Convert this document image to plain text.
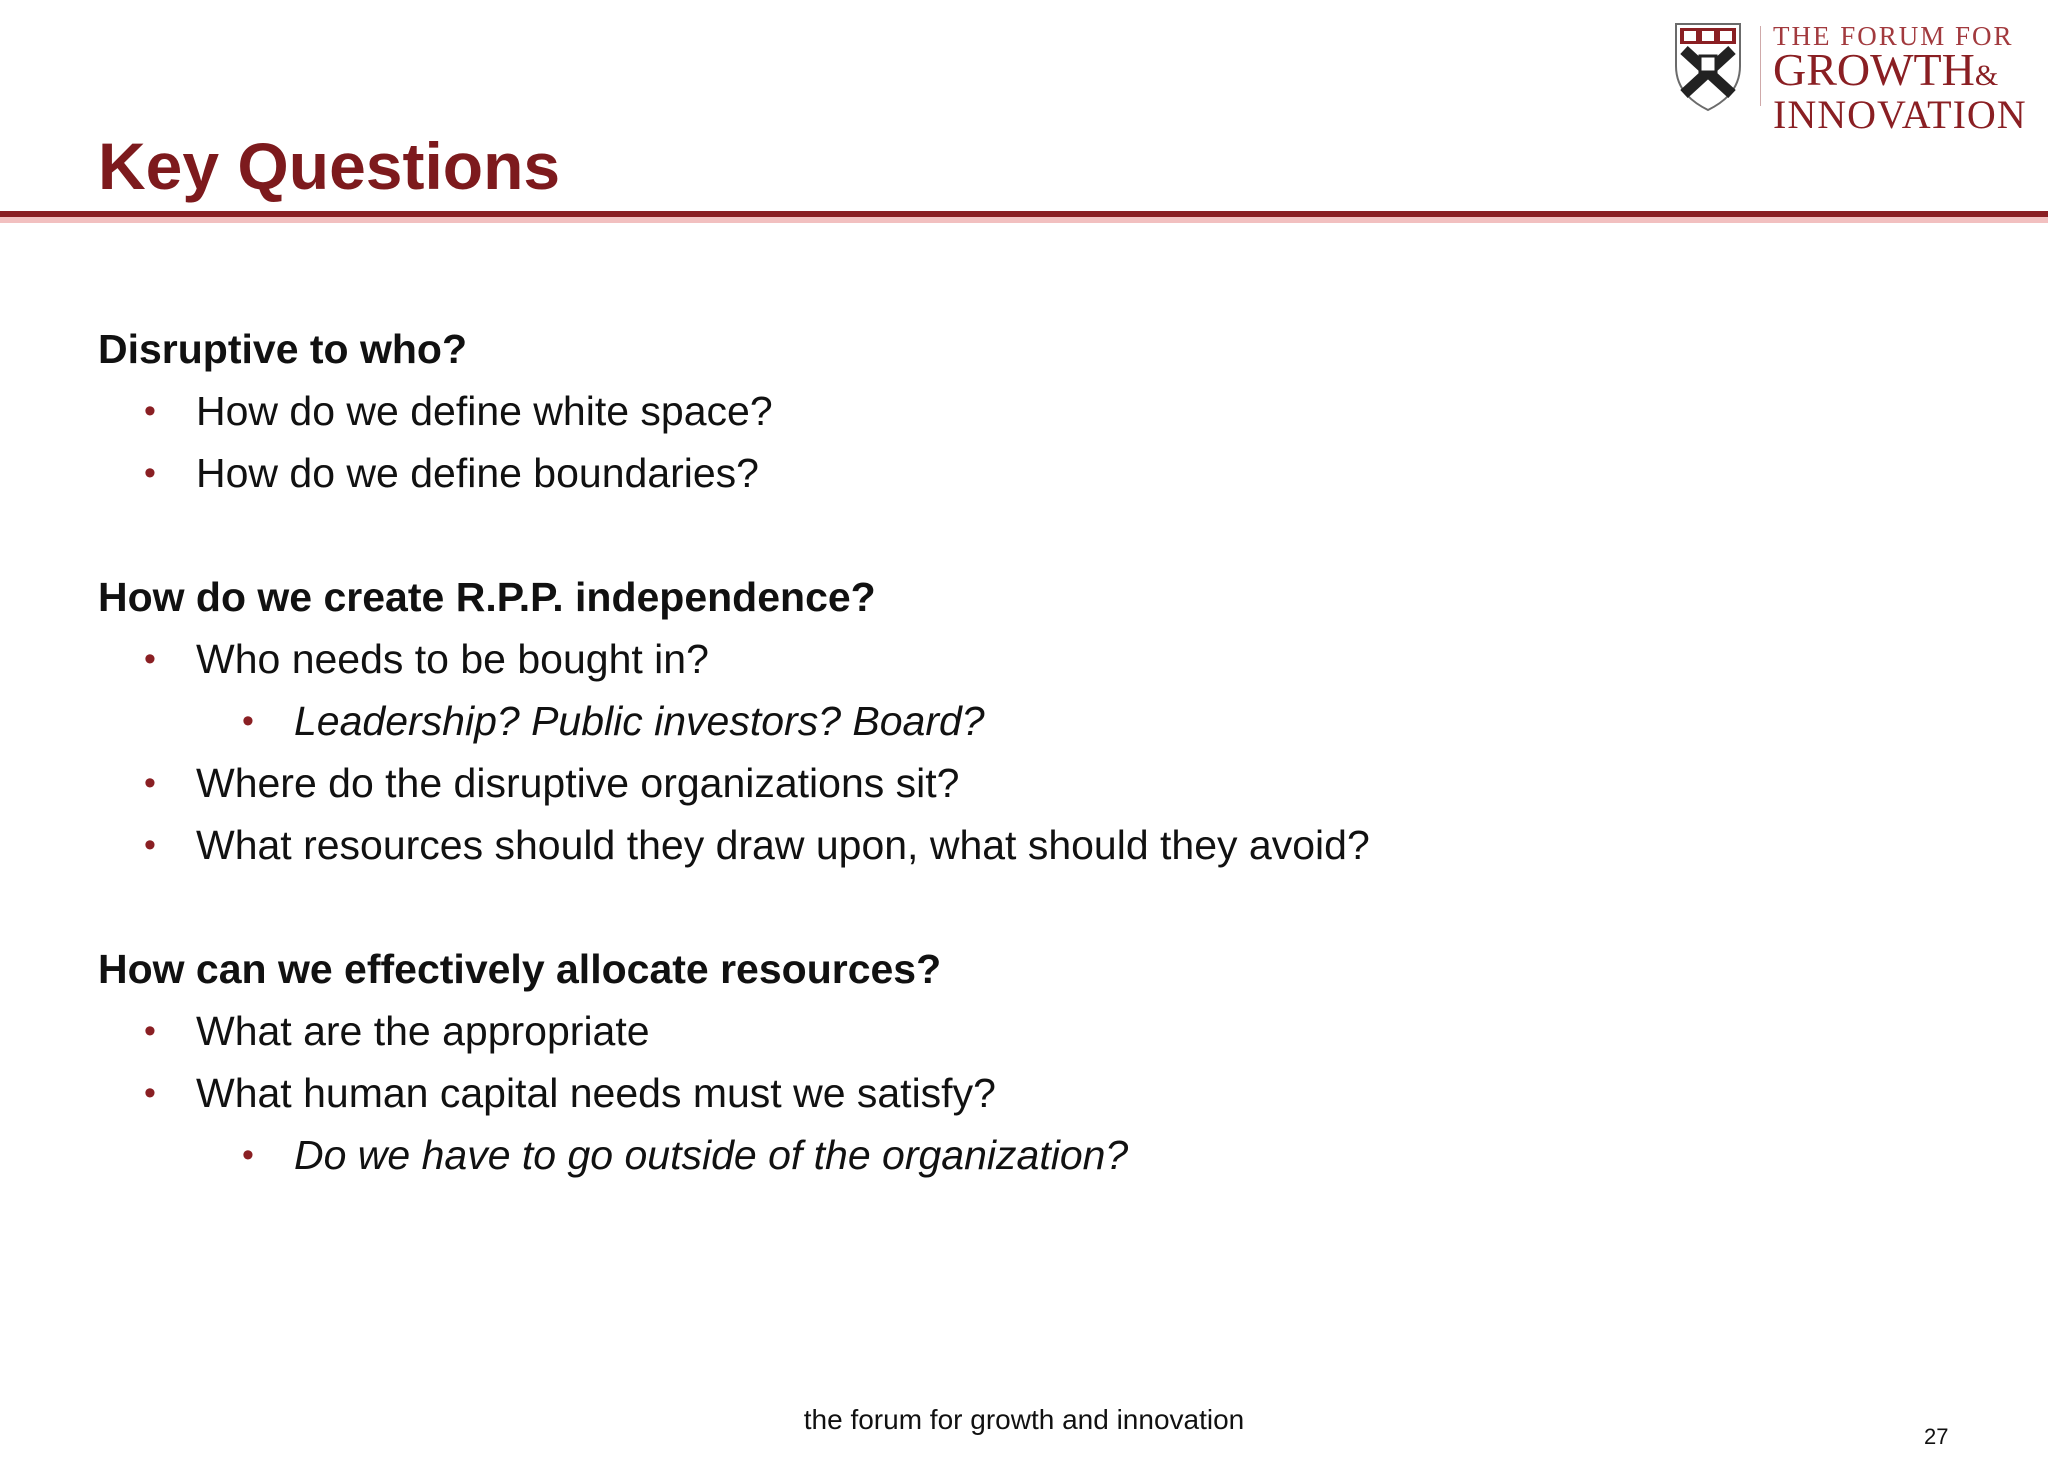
Key Questions
THE FORUM FOR
GROWTH&
INNOVATION
Disruptive to who?
• How do we define white space?
• How do we define boundaries?
How do we create R.P.P. independence?
• Who needs to be bought in?
• Leadership? Public investors? Board?
• Where do the disruptive organizations sit?
• What resources should they draw upon, what should they avoid?
How can we effectively allocate resources?
• What are the appropriate
• What human capital needs must we satisfy?
• Do we have to go outside of the organization?
the forum for growth and innovation
27
